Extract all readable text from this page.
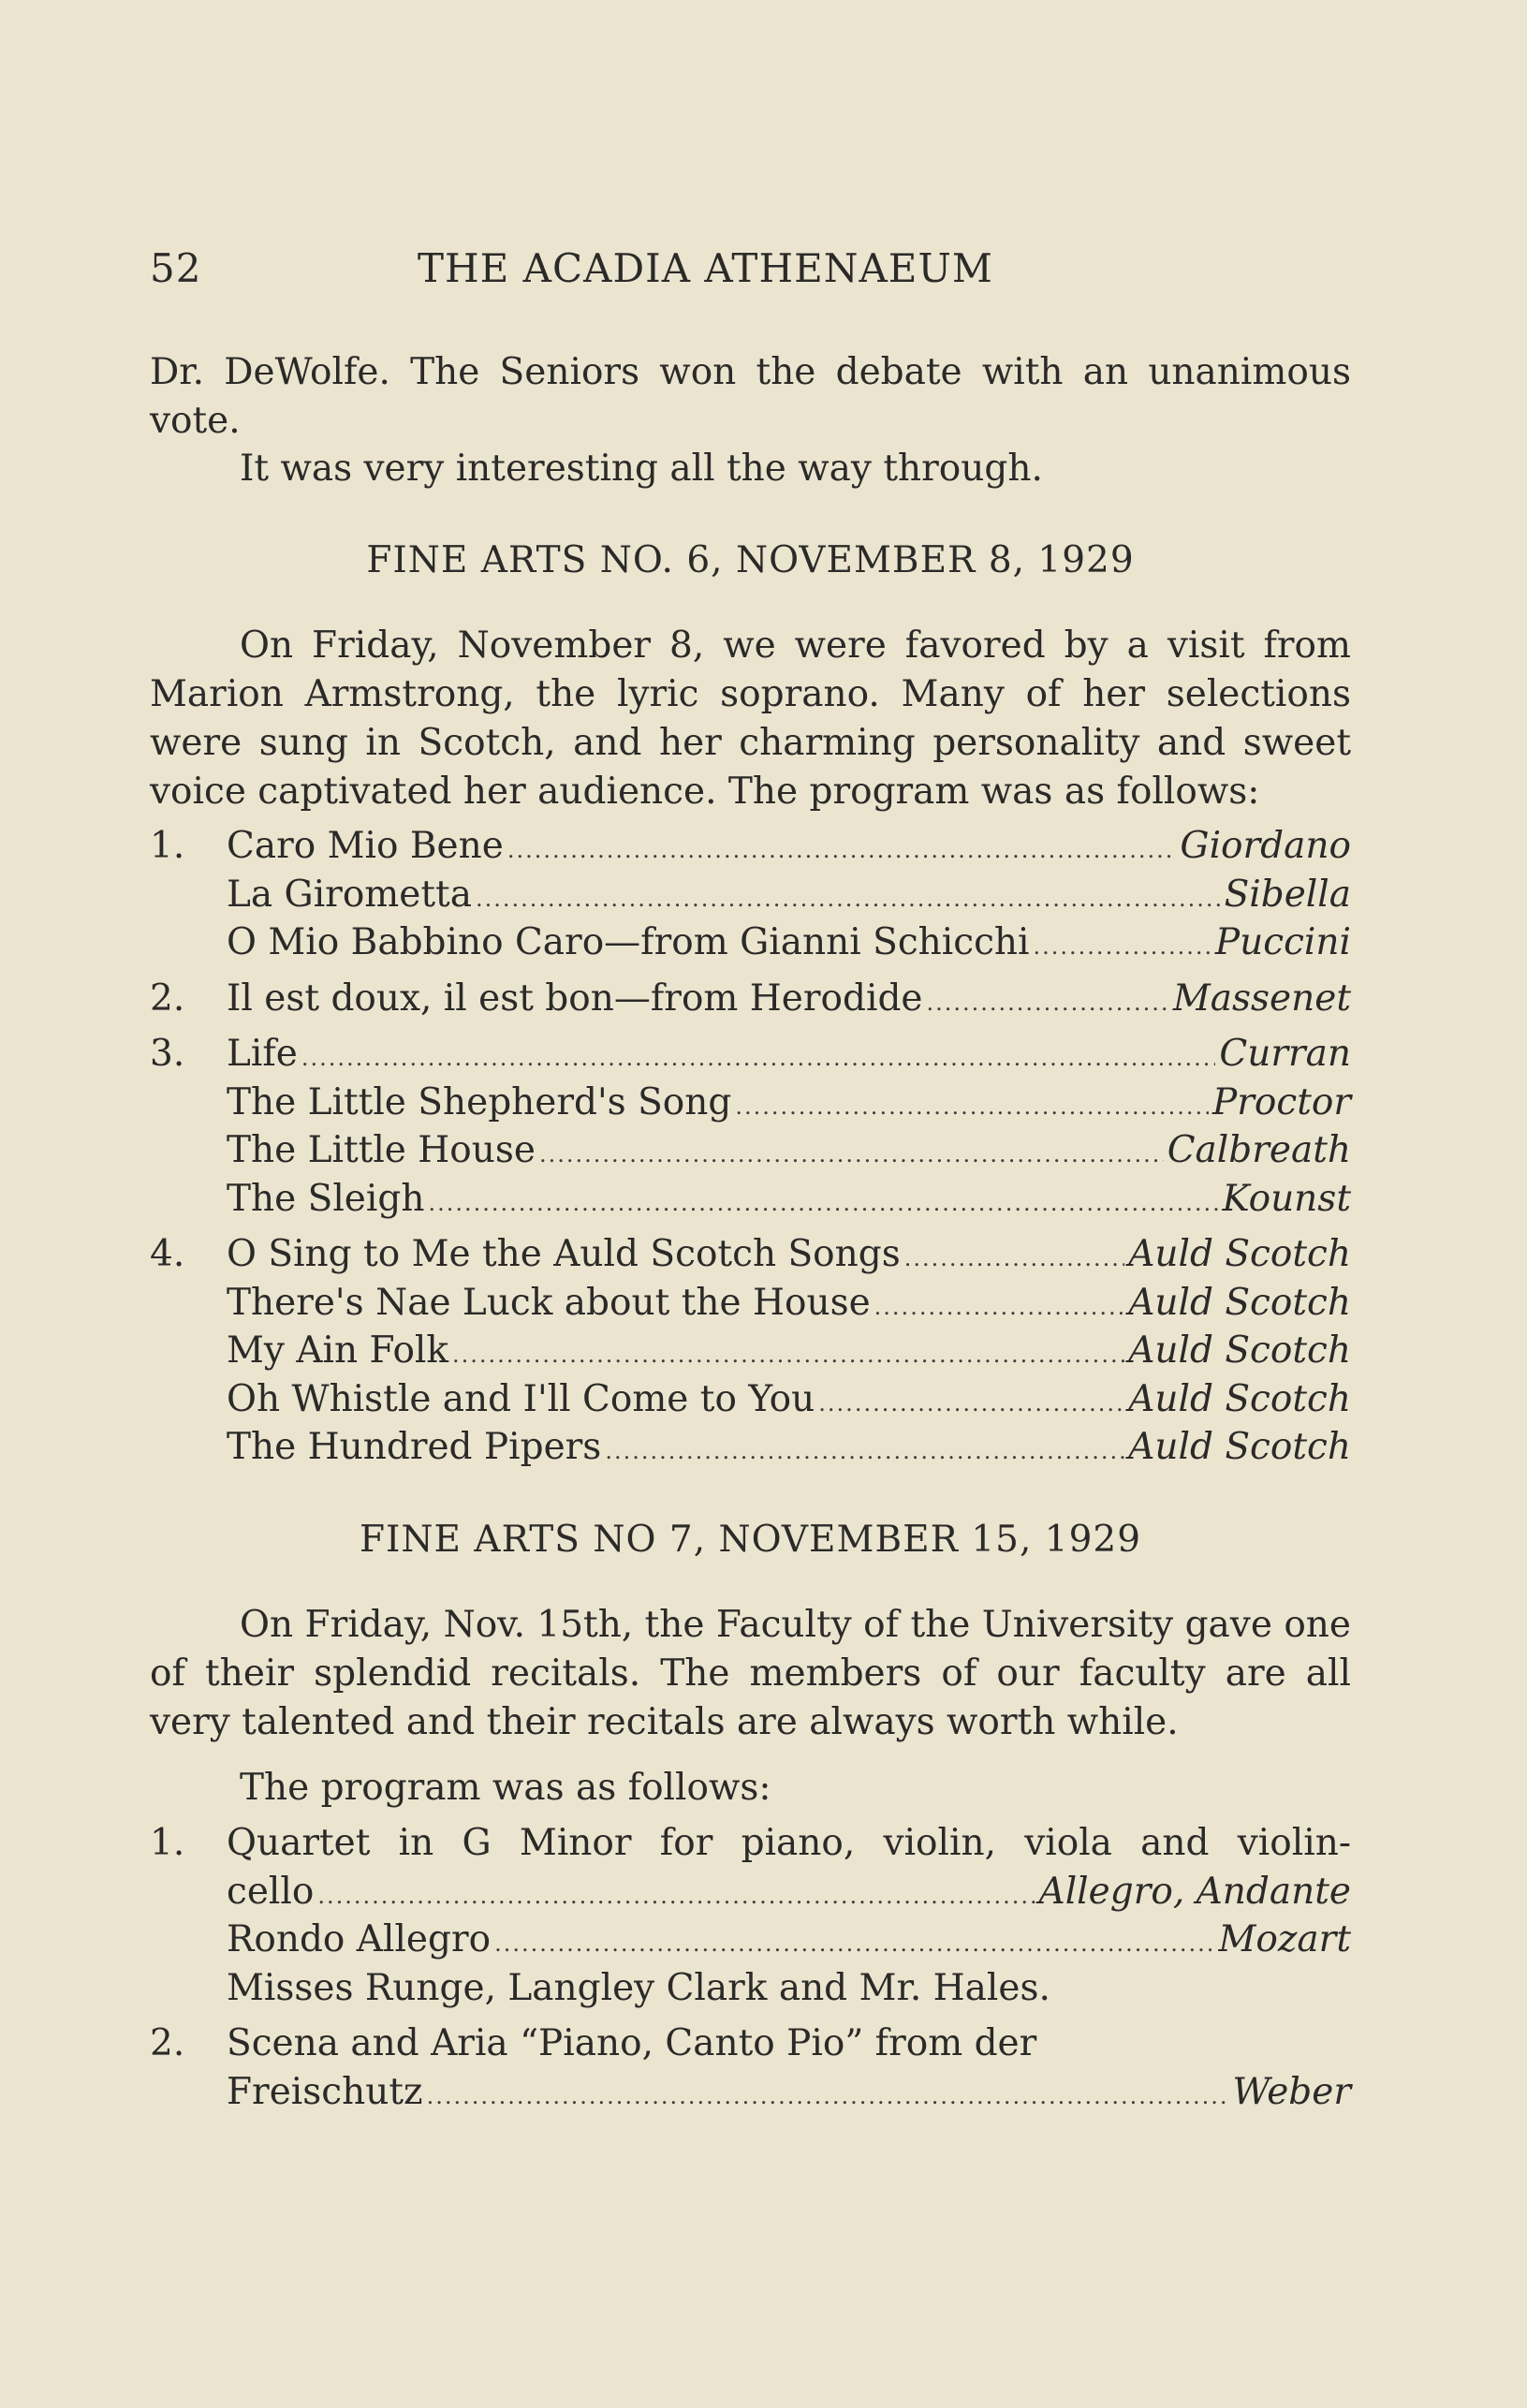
52	THE ACADIA ATHENAEUM
Dr. DeWolfe. The Seniors won the debate with an unanimous vote.
It was very interesting all the way through.
FINE ARTS NO. 6, NOVEMBER 8, 1929
On Friday, November 8, we were favored by a visit from Marion Armstrong, the lyric soprano. Many of her selections were sung in Scotch, and her charming personality and sweet voice captivated her audience. The program was as follows:
1.	Caro Mio Bene .....	Giordano
La Girometta .....	Sibella
O Mio Babbino Caro—from Gianni Schicchi .....	Puccini
2.	Il est doux, il est bon—from Herodide .....	Massenet
3.	Life .....	Curran
The Little Shepherd's Song .....	Proctor
The Little House .....	Calbreath
The Sleigh .....	Kounst
4.	O Sing to Me the Auld Scotch Songs .....	Auld Scotch
There's Nae Luck about the House .....	Auld Scotch
My Ain Folk .....	Auld Scotch
Oh Whistle and I'll Come to You .....	Auld Scotch
The Hundred Pipers .....	Auld Scotch
FINE ARTS NO 7, NOVEMBER 15, 1929
On Friday, Nov. 15th, the Faculty of the University gave one of their splendid recitals. The members of our faculty are all very talented and their recitals are always worth while.
The program was as follows:
1.	Quartet in G Minor for piano, violin, viola and violin-
cello .....	Allegro, Andante
Rondo Allegro .....	Mozart
Misses Runge, Langley Clark and Mr. Hales.
2.	Scena and Aria “Piano, Canto Pio” from der
Freischutz .....	Weber
